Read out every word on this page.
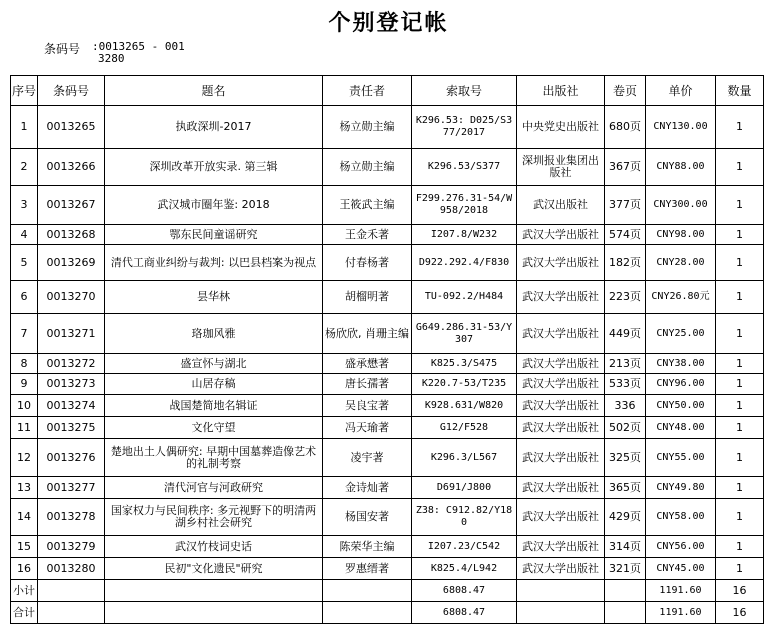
个别登记帐
条码号 :0013265 - 001
3280
序号	条码号	题名	责任者	索取号	出版社	卷页	单价	数量
1	0013265	执政深圳-2017	杨立勋主编	K296.53: D025/S377/2017	中央党史出版社	680页	CNY130.00	1
2	0013266	深圳改革开放实录. 第三辑	杨立勋主编	K296.53/S377	深圳报业集团出版社	367页	CNY88.00	1
3	0013267	武汉城市圈年鉴: 2018	王筱武主编	F299.276.31-54/W958/2018	武汉出版社	377页	CNY300.00	1
4	0013268	鄂东民间童谣研究	王金禾著	I207.8/W232	武汉大学出版社	574页	CNY98.00	1
5	0013269	清代工商业纠纷与裁判: 以巴县档案为视点	付春杨著	D922.292.4/F830	武汉大学出版社	182页	CNY28.00	1
6	0013270	昙华林	胡榴明著	TU-092.2/H484	武汉大学出版社	223页	CNY26.80元	1
7	0013271	珞珈风雅	杨欣欣, 肖珊主编	G649.286.31-53/Y307	武汉大学出版社	449页	CNY25.00	1
8	0013272	盛宣怀与湖北	盛承懋著	K825.3/S475	武汉大学出版社	213页	CNY38.00	1
9	0013273	山居存稿	唐长孺著	K220.7-53/T235	武汉大学出版社	533页	CNY96.00	1
10	0013274	战国楚简地名辑证	吴良宝著	K928.631/W820	武汉大学出版社	336	CNY50.00	1
11	0013275	文化守望	冯天瑜著	G12/F528	武汉大学出版社	502页	CNY48.00	1
12	0013276	楚地出土人偶研究: 早期中国墓葬造像艺术的礼制考察	凌宇著	K296.3/L567	武汉大学出版社	325页	CNY55.00	1
13	0013277	清代河官与河政研究	金诗灿著	D691/J800	武汉大学出版社	365页	CNY49.80	1
14	0013278	国家权力与民间秩序: 多元视野下的明清两湖乡村社会研究	杨国安著	Z38: C912.82/Y180	武汉大学出版社	429页	CNY58.00	1
15	0013279	武汉竹枝词史话	陈荣华主编	I207.23/C542	武汉大学出版社	314页	CNY56.00	1
16	0013280	民初"文化遗民"研究	罗惠缙著	K825.4/L942	武汉大学出版社	321页	CNY45.00	1
小计				6808.47			1191.60	16
合计				6808.47			1191.60	16
